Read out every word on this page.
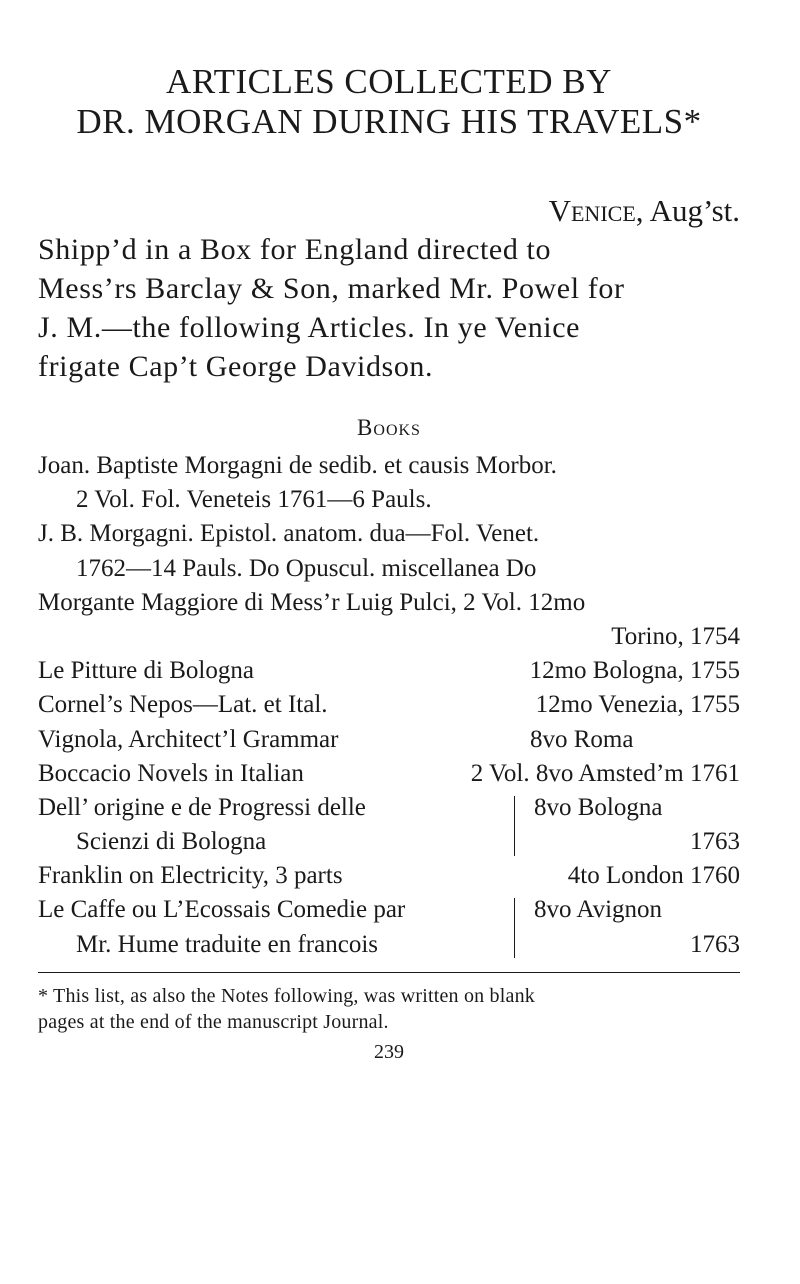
ARTICLES COLLECTED BY
DR. MORGAN DURING HIS TRAVELS*
Venice, Aug’st.
Shipp’d in a Box for England directed to
Mess’rs Barclay & Son, marked Mr. Powel for
J. M.—the following Articles. In ye Venice
frigate Cap’t George Davidson.
Books
Joan. Baptiste Morgagni de sedib. et causis Morbor.
2 Vol. Fol. Veneteis 1761—6 Pauls.
J. B. Morgagni. Epistol. anatom. dua—Fol. Venet.
1762—14 Pauls. Do Opuscul. miscellanea Do
Morgante Maggiore di Mess’r Luig Pulci, 2 Vol. 12mo
Torino, 1754
Le Pitture di Bologna	12mo Bologna, 1755
Cornel’s Nepos—Lat. et Ital.	12mo Venezia, 1755
Vignola, Architect’l Grammar	8vo Roma
Boccacio Novels in Italian	2 Vol. 8vo Amsted’m 1761
Dell’ origine e de Progressi delle	8vo Bologna
Scienzi di Bologna	1763
Franklin on Electricity, 3 parts	4to London 1760
Le Caffe ou L’Ecossais Comedie par	8vo Avignon
Mr. Hume traduite en francois	1763
* This list, as also the Notes following, was written on blank
pages at the end of the manuscript Journal.
239
